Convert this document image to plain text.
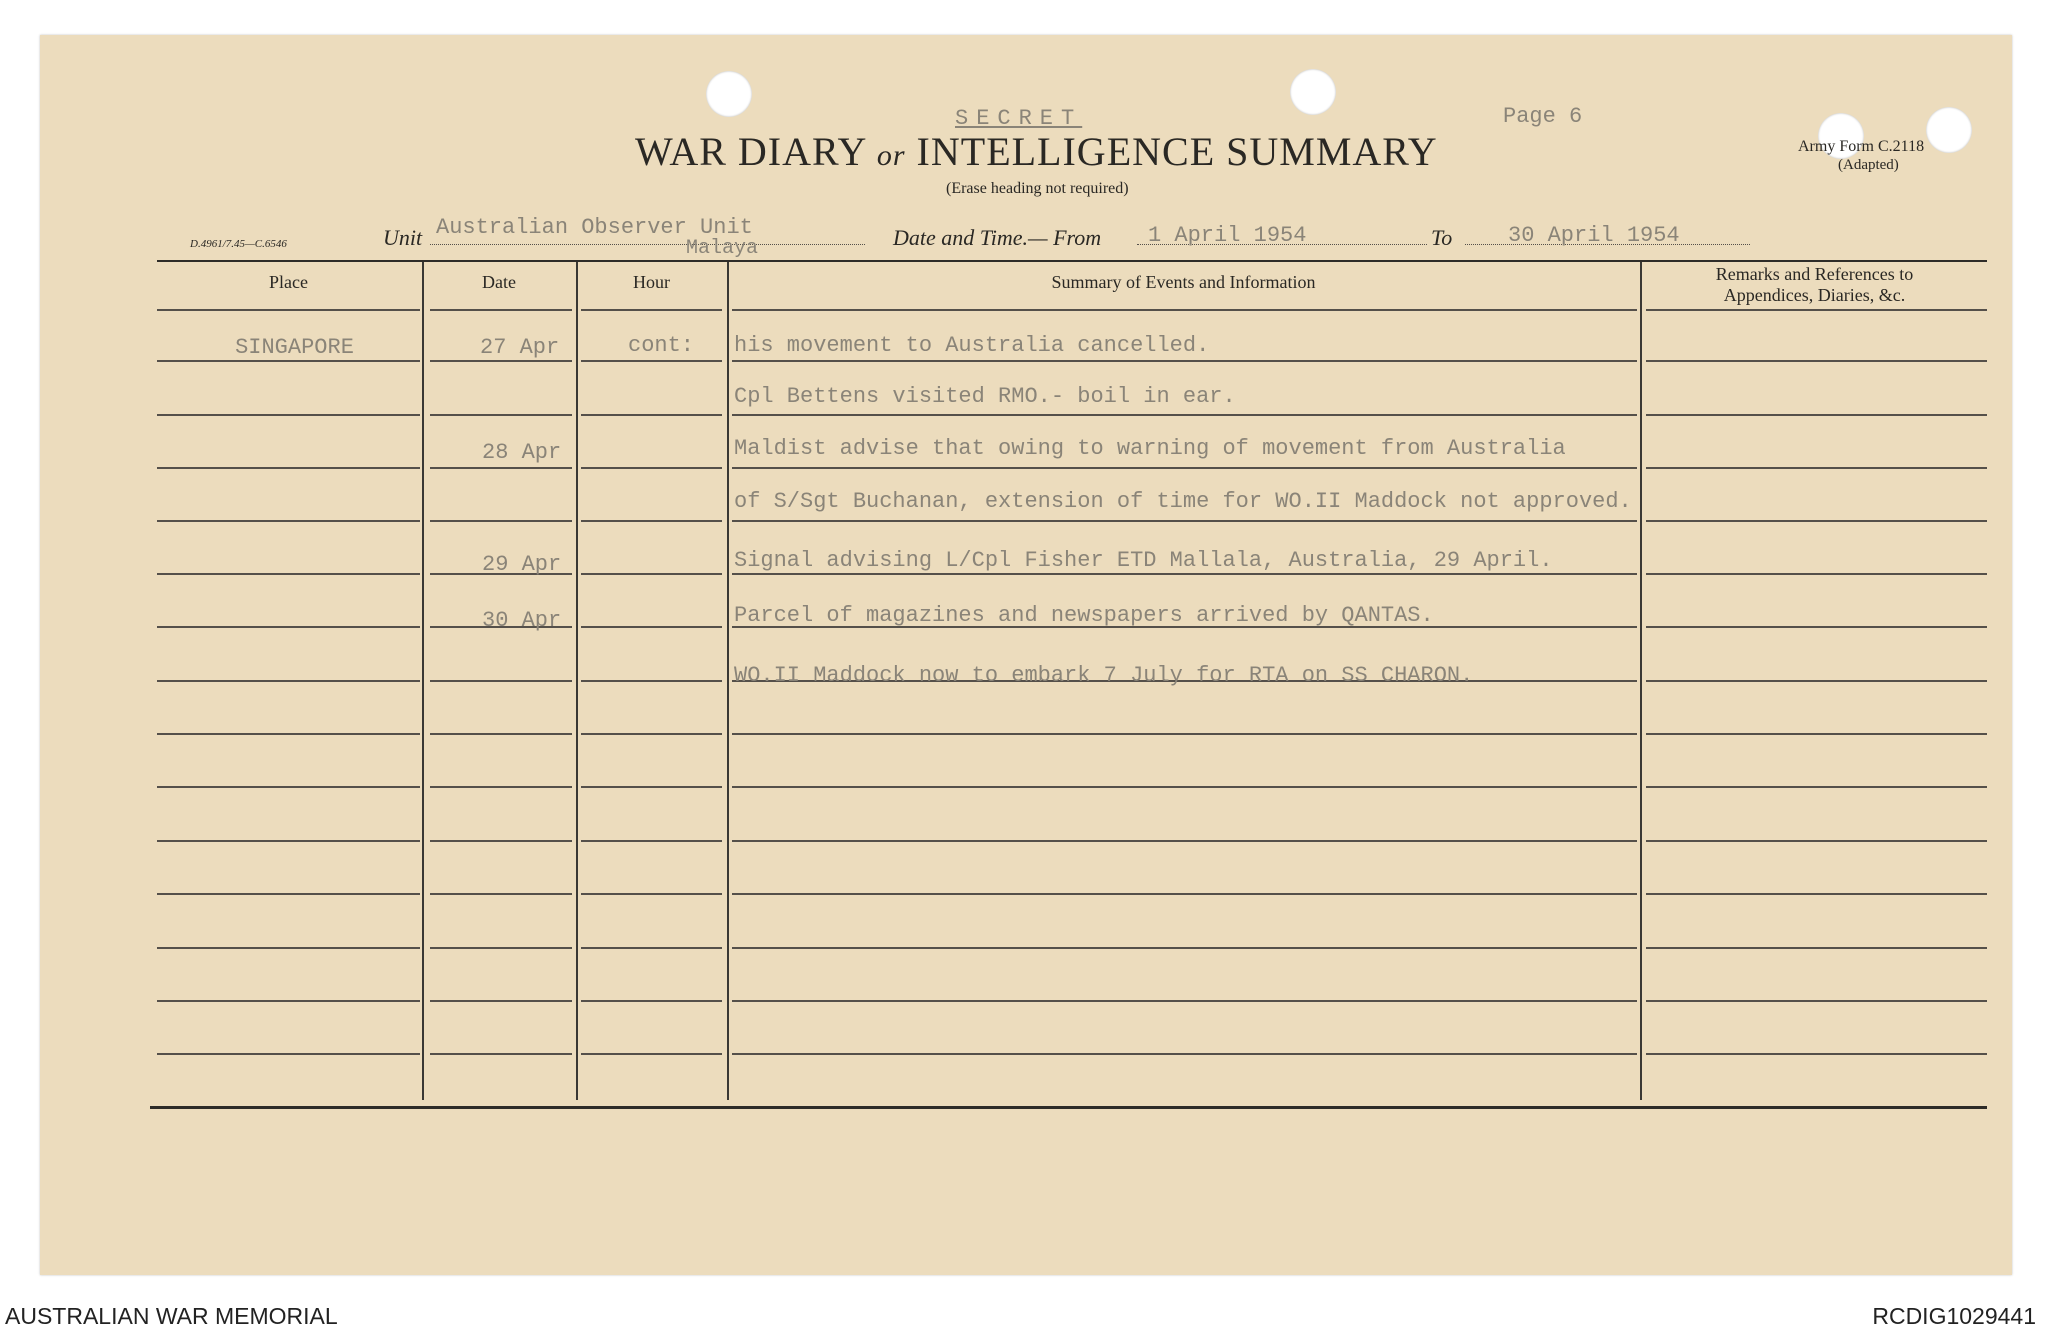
SECRET	Page 6
WAR DIARY or INTELLIGENCE SUMMARY
(Erase heading not required)
Army Form C.2118
(Adapted)
D.4961/7.45—C.6546	Unit Australian Observer Unit
Malaya	Date and Time.— From 1 April 1954	To	30 April 1954
Place	Date	Hour	Summary of Events and Information	Remarks and References to
Appendices, Diaries, &c.
SINGAPORE	27 Apr	cont: his movement to Australia cancelled.
Cpl Bettens visited RMO.- boil in ear.
28 Apr	Maldist advise that owing to warning of movement from Australia
of S/Sgt Buchanan, extension of time for WO.II Maddock not approved.
29 Apr	Signal advising L/Cpl Fisher ETD Mallala, Australia, 29 April.
30 Apr	Parcel of magazines and newspapers arrived by QANTAS.
WO.II Maddock now to embark 7 July for RTA on SS CHARON.
AUSTRALIAN WAR MEMORIAL	RCDIG1029441
